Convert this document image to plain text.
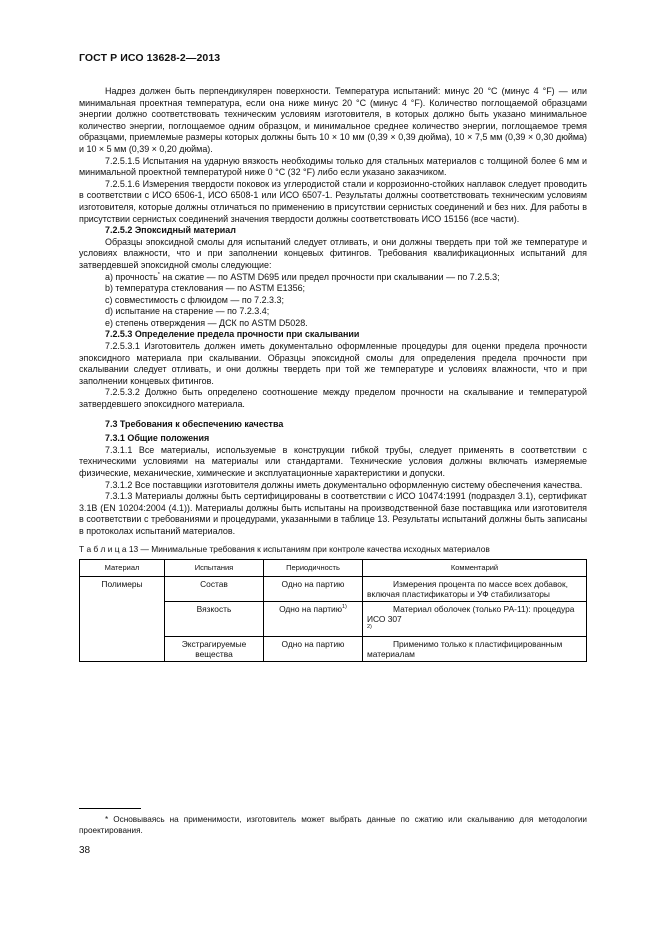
ГОСТ Р ИСО 13628-2—2013

Надрез должен быть перпендикулярен поверхности. Температура испытаний: минус 20 °С (минус 4 °F) — или минимальная проектная температура, если она ниже минус 20 °С (минус 4 °F). Количество поглощаемой образцами энергии должно соответствовать техническим условиям изготовителя, в которых должно быть указано минимальное количество энергии, поглощаемое одним образцом, и минимальное среднее количество энергии, поглощаемое тремя образцами, приемлемые размеры которых должны быть 10 × 10 мм (0,39 × 0,39 дюйма), 10 × 7,5 мм (0,39 × 0,30 дюйма) и 10 × 5 мм (0,39 × 0,20 дюйма).

7.2.5.1.5 Испытания на ударную вязкость необходимы только для стальных материалов с толщиной более 6 мм и минимальной проектной температурой ниже 0 °С (32 °F) либо если указано заказчиком.

7.2.5.1.6 Измерения твердости поковок из углеродистой стали и коррозионно-стойких наплавок следует проводить в соответствии с ИСО 6506-1, ИСО 6508-1 или ИСО 6507-1. Результаты должны соответствовать техническим условиям изготовителя, которые должны отличаться по применению в присутствии сернистых соединений и без них. Для работы в присутствии сернистых соединений значения твердости должны соответствовать ИСО 15156 (все части).

7.2.5.2 Эпоксидный материал

Образцы эпоксидной смолы для испытаний следует отливать, и они должны твердеть при той же температуре и условиях влажности, что и при заполнении концевых фитингов. Требования квалификационных испытаний для затвердевшей эпоксидной смолы следующие:

a) прочность* на сжатие — по ASTM D695 или предел прочности при скалывании — по 7.2.5.3;
b) температура стеклования — по ASTM E1356;
c) совместимость с флюидом — по 7.2.3.3;
d) испытание на старение — по 7.2.3.4;
e) степень отверждения — ДСК по ASTM D5028.

7.2.5.3 Определение предела прочности при скалывании

7.2.5.3.1 Изготовитель должен иметь документально оформленные процедуры для оценки предела прочности эпоксидного материала при скалывании. Образцы эпоксидной смолы для определения предела прочности при скалывании следует отливать, и они должны твердеть при той же температуре и условиях влажности, что и при заполнении концевых фитингов.

7.2.5.3.2 Должно быть определено соотношение между пределом прочности на скалывание и температурой затвердевшего эпоксидного материала.

7.3 Требования к обеспечению качества

7.3.1 Общие положения

7.3.1.1 Все материалы, используемые в конструкции гибкой трубы, следует применять в соответствии с техническими условиями на материалы или стандартами. Технические условия должны включать измеряемые физические, механические, химические и эксплуатационные характеристики и допуски.

7.3.1.2 Все поставщики изготовителя должны иметь документально оформленную систему обеспечения качества.

7.3.1.3 Материалы должны быть сертифицированы в соответствии с ИСО 10474:1991 (подраздел 3.1), сертификат 3.1В (EN 10204:2004 (4.1)). Материалы должны быть испытаны на производственной базе поставщика или изготовителя в соответствии с требованиями и процедурами, указанными в таблице 13. Результаты испытаний должны быть записаны в протоколах испытаний материалов.

Т а б л и ц а 13 — Минимальные требования к испытаниям при контроле качества исходных материалов

Материал	Испытания	Периодичность	Комментарий
Полимеры	Состав	Одно на партию	Измерения процента по массе всех добавок, включая пластификаторы и УФ стабилизаторы

	Вязкость	Одно на партию$^{1)}$	Материал оболочек (только РА-11): процедура ИСО 307
$^{2)}$

	Экстрагируемые вещества	Одно на партию	Применимо только к пластифицированным материалам
* Основываясь на применимости, изготовитель может выбрать данные по сжатию или скалыванию для методологии проектирования.
38
